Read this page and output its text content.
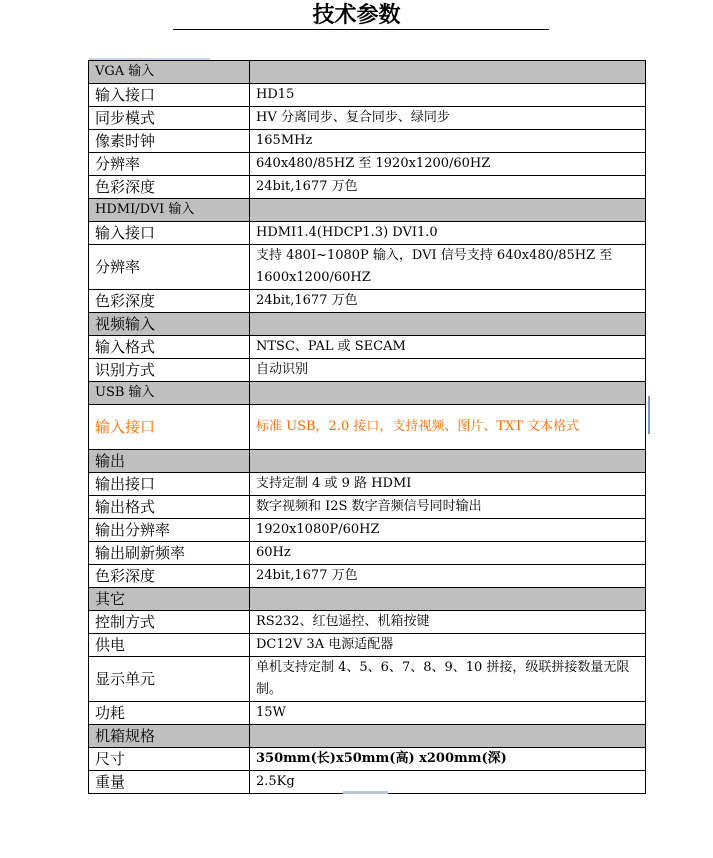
技术参数
VGA 输入	
输入接口	HD15
同步模式	HV 分离同步、复合同步、绿同步
像素时钟	165MHz
分辨率	640x480/85HZ 至 1920x1200/60HZ
色彩深度	24bit,1677 万色
HDMI/DVI 输入	
输入接口	HDMI1.4(HDCP1.3) DVI1.0
分辨率	支持 480I~1080P 输入，DVI 信号支持 640x480/85HZ 至 1600x1200/60HZ
色彩深度	24bit,1677 万色
视频输入	
输入格式	NTSC、PAL 或 SECAM
识别方式	自动识别
USB 输入	
输入接口	标准 USB，2.0 接口，支持视频、图片、TXT 文本格式
输出	
输出接口	支持定制 4 或 9 路 HDMI
输出格式	数字视频和 I2S 数字音频信号同时输出
输出分辨率	1920x1080P/60HZ
输出刷新频率	60Hz
色彩深度	24bit,1677 万色
其它	
控制方式	RS232、红包遥控、机箱按键
供电	DC12V 3A 电源适配器
显示单元	单机支持定制 4、5、6、7、8、9、10 拼接，级联拼接数量无限制。
功耗	15W
机箱规格	
尺寸	350mm(长)x50mm(高) x200mm(深)
重量	2.5Kg
